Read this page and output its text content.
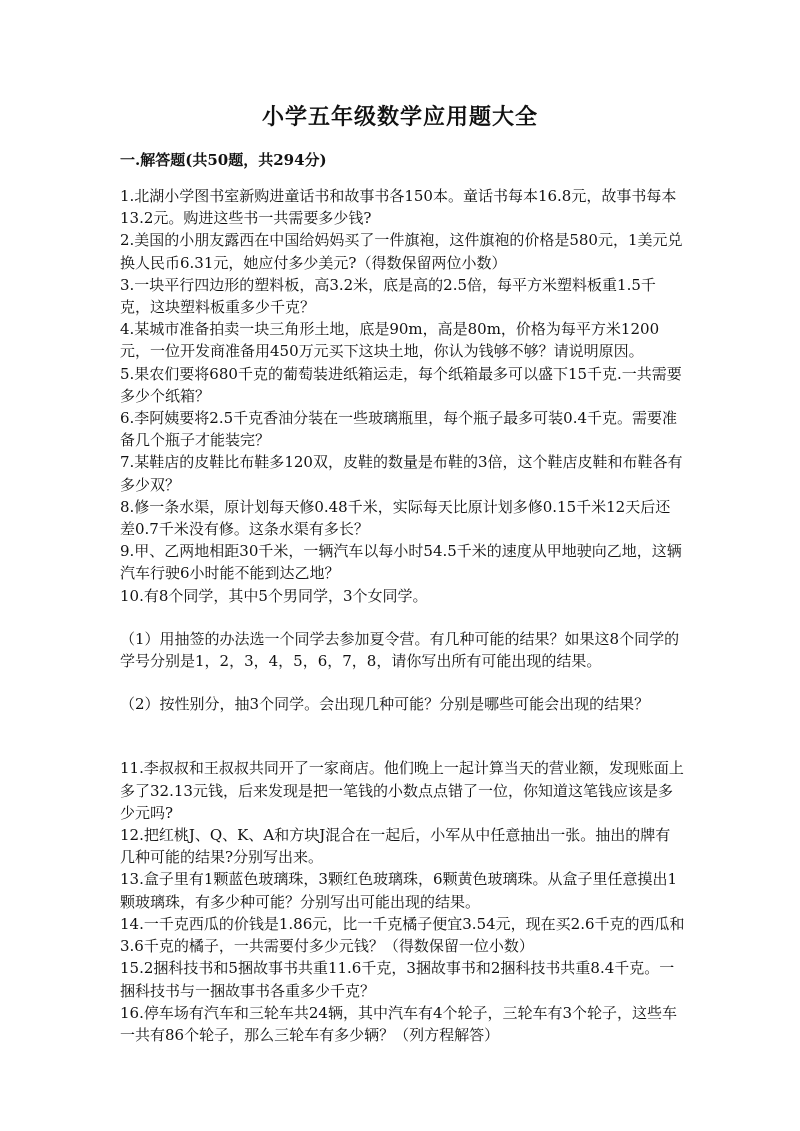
小学五年级数学应用题大全
一.解答题(共50题，共294分)

1.北湖小学图书室新购进童话书和故事书各150本。童话书每本16.8元，故事书每本13.2元。购进这些书一共需要多少钱?

2.美国的小朋友露西在中国给妈妈买了一件旗袍，这件旗袍的价格是580元，1美元兑换人民币6.31元，她应付多少美元?（得数保留两位小数）

3.一块平行四边形的塑料板，高3.2米，底是高的2.5倍，每平方米塑料板重1.5千克，这块塑料板重多少千克？

4.某城市准备拍卖一块三角形土地，底是90m，高是80m，价格为每平方米1200元，一位开发商准备用450万元买下这块土地，你认为钱够不够？请说明原因。

5.果农们要将680千克的葡萄装进纸箱运走，每个纸箱最多可以盛下15千克.一共需要多少个纸箱？

6.李阿姨要将2.5千克香油分装在一些玻璃瓶里，每个瓶子最多可装0.4千克。需要准备几个瓶子才能装完？

7.某鞋店的皮鞋比布鞋多120双，皮鞋的数量是布鞋的3倍，这个鞋店皮鞋和布鞋各有多少双？

8.修一条水渠，原计划每天修0.48千米，实际每天比原计划多修0.15千米12天后还差0.7千米没有修。这条水渠有多长？

9.甲、乙两地相距30千米，一辆汽车以每小时54.5千米的速度从甲地驶向乙地，这辆汽车行驶6小时能不能到达乙地？

10.有8个同学，其中5个男同学，3个女同学。

（1）用抽签的办法选一个同学去参加夏令营。有几种可能的结果？如果这8个同学的学号分别是1，2，3，4，5，6，7，8，请你写出所有可能出现的结果。

（2）按性别分，抽3个同学。会出现几种可能？分别是哪些可能会出现的结果？

11.李叔叔和王叔叔共同开了一家商店。他们晚上一起计算当天的营业额，发现账面上多了32.13元钱，后来发现是把一笔钱的小数点点错了一位，你知道这笔钱应该是多少元吗?

12.把红桃J、Q、K、A和方块J混合在一起后，小军从中任意抽出一张。抽出的牌有几种可能的结果?分别写出来。

13.盒子里有1颗蓝色玻璃珠，3颗红色玻璃珠，6颗黄色玻璃珠。从盒子里任意摸出1颗玻璃珠，有多少种可能？分别写出可能出现的结果。

14.一千克西瓜的价钱是1.86元，比一千克橘子便宜3.54元，现在买2.6千克的西瓜和3.6千克的橘子，一共需要付多少元钱？（得数保留一位小数）

15.2捆科技书和5捆故事书共重11.6千克，3捆故事书和2捆科技书共重8.4千克。一捆科技书与一捆故事书各重多少千克？

16.停车场有汽车和三轮车共24辆，其中汽车有4个轮子，三轮车有3个轮子，这些车一共有86个轮子，那么三轮车有多少辆？（列方程解答）
